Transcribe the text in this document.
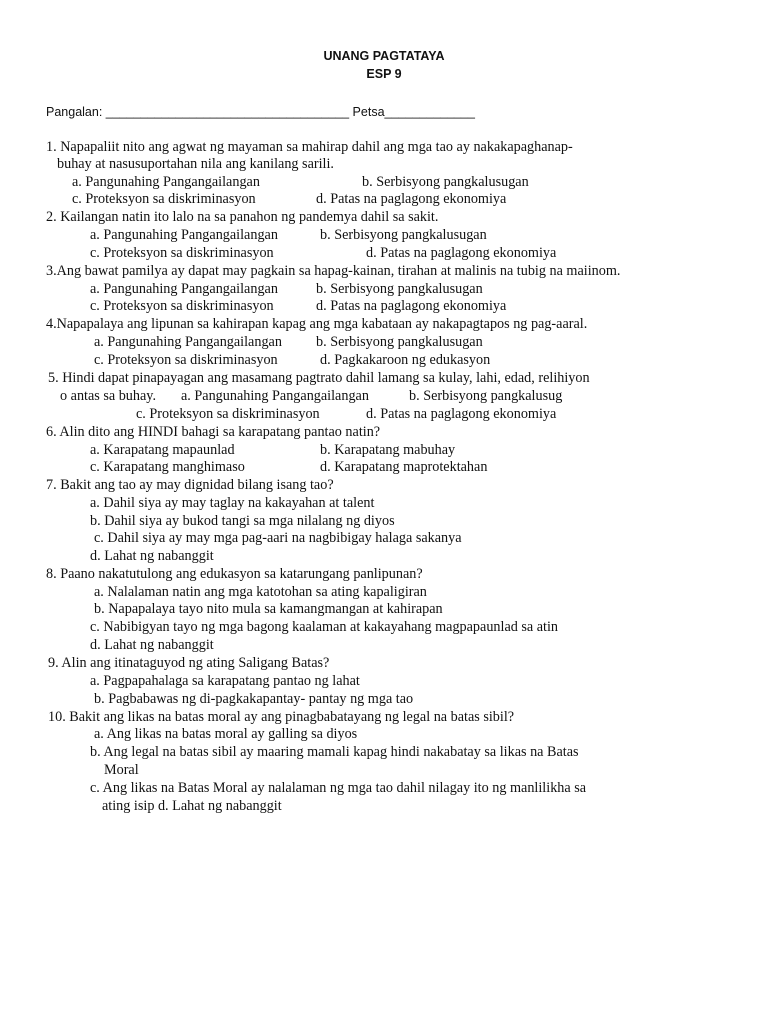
UNANG PAGTATAYA
ESP 9
Pangalan: ___________________________________ Petsa_____________
1. Napapaliit nito ang agwat ng mayaman sa mahirap dahil ang mga tao ay nakakapaghanap-
buhay at nasusuportahan nila ang kanilang sarili.
a. Pangunahing Pangangailangan	b. Serbisyong pangkalusugan
c. Proteksyon sa diskriminasyon	d. Patas na paglagong ekonomiya
2. Kailangan natin ito lalo na sa panahon ng pandemya dahil sa sakit.
a. Pangunahing Pangangailangan	b. Serbisyong pangkalusugan
c. Proteksyon sa diskriminasyon	d. Patas na paglagong ekonomiya
3.Ang bawat pamilya ay dapat may pagkain sa hapag-kainan, tirahan at malinis na tubig na maiinom.
a. Pangunahing Pangangailangan	b. Serbisyong pangkalusugan
c. Proteksyon sa diskriminasyon	d. Patas na paglagong ekonomiya
4.Napapalaya ang lipunan sa kahirapan kapag ang mga kabataan ay nakapagtapos ng pag-aaral.
a. Pangunahing Pangangailangan b. Serbisyong pangkalusugan
c. Proteksyon sa diskriminasyon	d. Pagkakaroon ng edukasyon
5. Hindi dapat pinapayagan ang masamang pagtrato dahil lamang sa kulay, lahi, edad, relihiyon
o antas sa buhay. a. Pangunahing Pangangailangan	b. Serbisyong pangkalusug
c. Proteksyon sa diskriminasyon	d. Patas na paglagong ekonomiya
6. Alin dito ang HINDI bahagi sa karapatang pantao natin?
a. Karapatang mapaunlad	b. Karapatang mabuhay
c. Karapatang manghimaso	d. Karapatang maprotektahan
7. Bakit ang tao ay may dignidad bilang isang tao?
a. Dahil siya ay may taglay na kakayahan at talent
b. Dahil siya ay bukod tangi sa mga nilalang ng diyos
c. Dahil siya ay may mga pag-aari na nagbibigay halaga sakanya
d. Lahat ng nabanggit
8. Paano nakatutulong ang edukasyon sa katarungang panlipunan?
a. Nalalaman natin ang mga katotohan sa ating kapaligiran
b. Napapalaya tayo nito mula sa kamangmangan at kahirapan
c. Nabibigyan tayo ng mga bagong kaalaman at kakayahang magpapaunlad sa atin
d. Lahat ng nabanggit
9. Alin ang itinataguyod ng ating Saligang Batas?
a. Pagpapahalaga sa karapatang pantao ng lahat
b. Pagbabawas ng di-pagkakapantay- pantay ng mga tao
10. Bakit ang likas na batas moral ay ang pinagbabatayang ng legal na batas sibil?
a. Ang likas na batas moral ay galling sa diyos
b. Ang legal na batas sibil ay maaring mamali kapag hindi nakabatay sa likas na Batas
Moral
c. Ang likas na Batas Moral ay nalalaman ng mga tao dahil nilagay ito ng manlilikha sa
ating isip d. Lahat ng nabanggit
